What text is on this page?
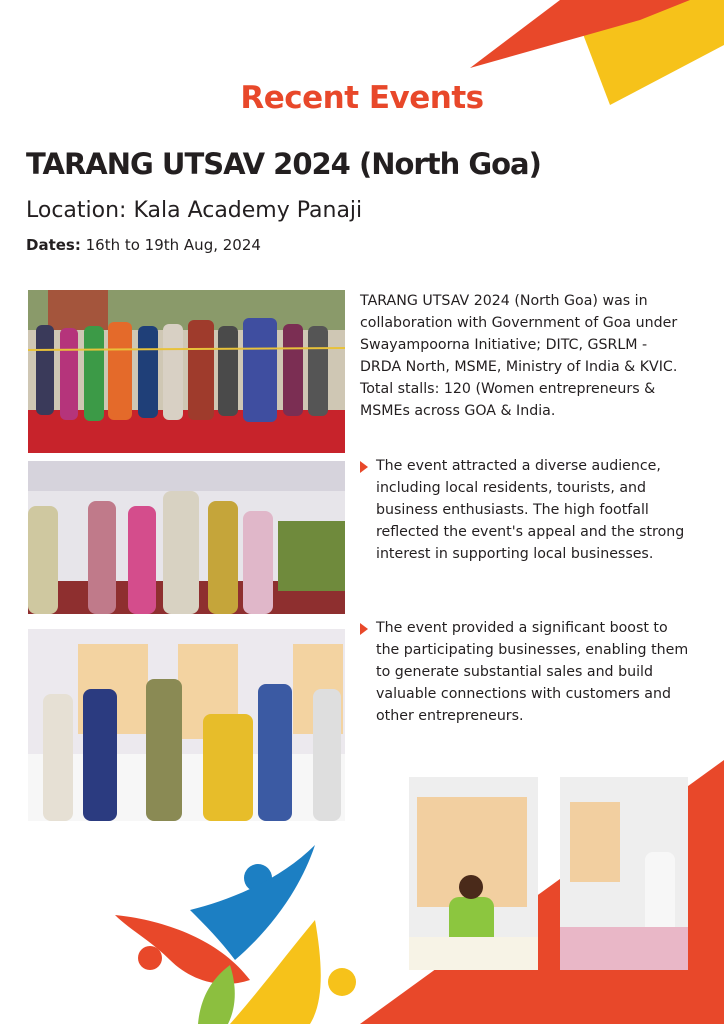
Recent Events
TARANG UTSAV 2024 (North Goa)
Location: Kala Academy Panaji
Dates: 16th to 19th Aug, 2024
TARANG UTSAV 2024 (North Goa) was in collaboration with Government of Goa under Swayampoorna Initiative; DITC, GSRLM - DRDA North, MSME, Ministry of India & KVIC. Total stalls: 120 (Women entrepreneurs & MSMEs across GOA & India.
The event attracted a diverse audience, including local residents, tourists, and business enthusiasts. The high footfall reflected the event's appeal and the strong interest in supporting local businesses.
The event provided a significant boost to the participating businesses, enabling them to generate substantial sales and build valuable connections with customers and other entrepreneurs.
